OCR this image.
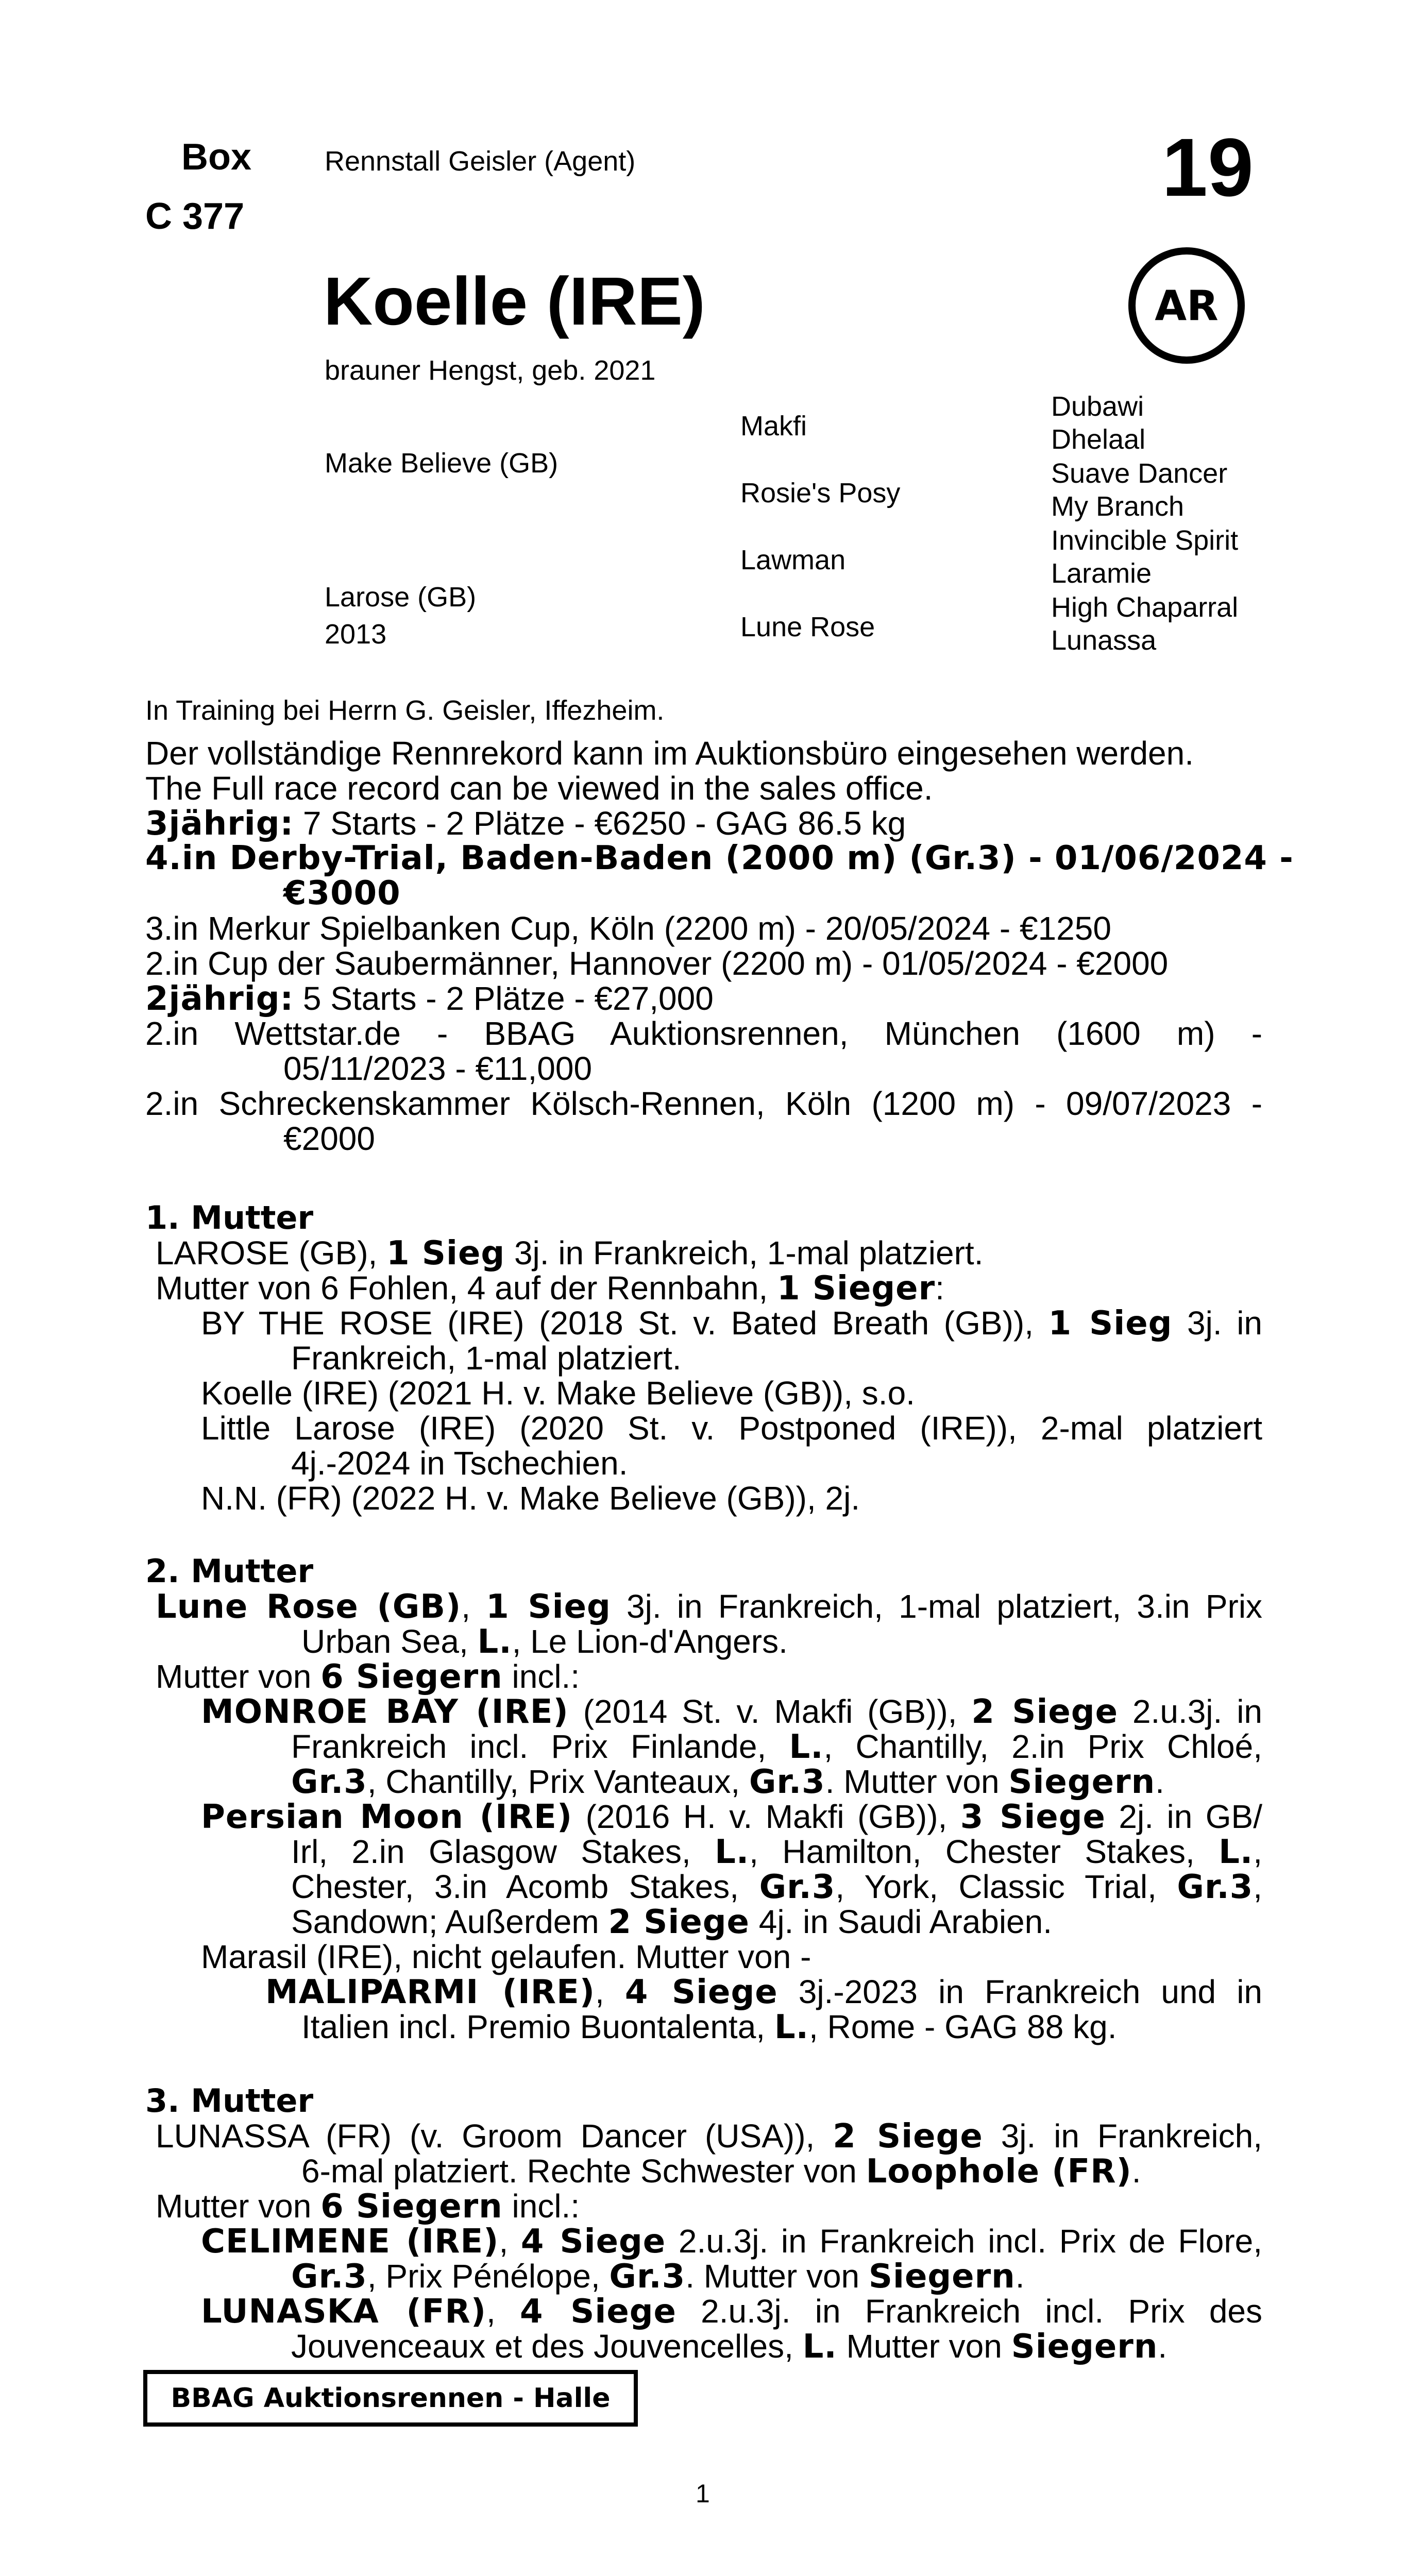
Box
C 377
Rennstall Geisler (Agent)	19
AR
Koelle (IRE)
brauner Hengst, geb. 2021
Make Believe (GB)
Larose (GB)
2013
Makfi
Rosie's Posy
Lawman
Lune Rose
Dubawi
Dhelaal
Suave Dancer
My Branch
Invincible Spirit
Laramie
High Chaparral
Lunassa
In Training bei Herrn G. Geisler, Iffezheim.
Der vollständige Rennrekord kann im Auktionsbüro eingesehen werden.
The Full race record can be viewed in the sales office.
3jährig: 7 Starts - 2 Plätze - €6250 - GAG 86.5 kg
4.in Derby-Trial, Baden-Baden (2000 m) (Gr.3) - 01/06/2024 -
€3000
3.in Merkur Spielbanken Cup, Köln (2200 m) - 20/05/2024 - €1250
2.in Cup der Saubermänner, Hannover (2200 m) - 01/05/2024 - €2000
2jährig: 5 Starts - 2 Plätze - €27,000
2.in Wettstar.de - BBAG Auktionsrennen, München (1600 m) -
05/11/2023 - €11,000
2.in Schreckenskammer Kölsch-Rennen, Köln (1200 m) - 09/07/2023 -
€2000
1. Mutter
LAROSE (GB), 1 Sieg 3j. in Frankreich, 1-mal platziert.
Mutter von 6 Fohlen, 4 auf der Rennbahn, 1 Sieger:
BY THE ROSE (IRE) (2018 St. v. Bated Breath (GB)), 1 Sieg 3j. in
Frankreich, 1-mal platziert.
Koelle (IRE) (2021 H. v. Make Believe (GB)), s.o.
Little Larose (IRE) (2020 St. v. Postponed (IRE)), 2-mal platziert
4j.-2024 in Tschechien.
N.N. (FR) (2022 H. v. Make Believe (GB)), 2j.
2. Mutter
Lune Rose (GB), 1 Sieg 3j. in Frankreich, 1-mal platziert, 3.in Prix
Urban Sea, L., Le Lion-d'Angers.
Mutter von 6 Siegern incl.:
MONROE BAY (IRE) (2014 St. v. Makfi (GB)), 2 Siege 2.u.3j. in
Frankreich incl. Prix Finlande, L., Chantilly, 2.in Prix Chloé,
Gr.3, Chantilly, Prix Vanteaux, Gr.3. Mutter von Siegern.
Persian Moon (IRE) (2016 H. v. Makfi (GB)), 3 Siege 2j. in GB/
Irl, 2.in Glasgow Stakes, L., Hamilton, Chester Stakes, L.,
Chester, 3.in Acomb Stakes, Gr.3, York, Classic Trial, Gr.3,
Sandown; Außerdem 2 Siege 4j. in Saudi Arabien.
Marasil (IRE), nicht gelaufen. Mutter von -
MALIPARMI (IRE), 4 Siege 3j.-2023 in Frankreich und in
Italien incl. Premio Buontalenta, L., Rome - GAG 88 kg.
3. Mutter
LUNASSA (FR) (v. Groom Dancer (USA)), 2 Siege 3j. in Frankreich,
6-mal platziert. Rechte Schwester von Loophole (FR).
Mutter von 6 Siegern incl.:
CELIMENE (IRE), 4 Siege 2.u.3j. in Frankreich incl. Prix de Flore,
Gr.3, Prix Pénélope, Gr.3. Mutter von Siegern.
LUNASKA (FR), 4 Siege 2.u.3j. in Frankreich incl. Prix des
Jouvenceaux et des Jouvencelles, L. Mutter von Siegern.
BBAG Auktionsrennen - Halle
1
